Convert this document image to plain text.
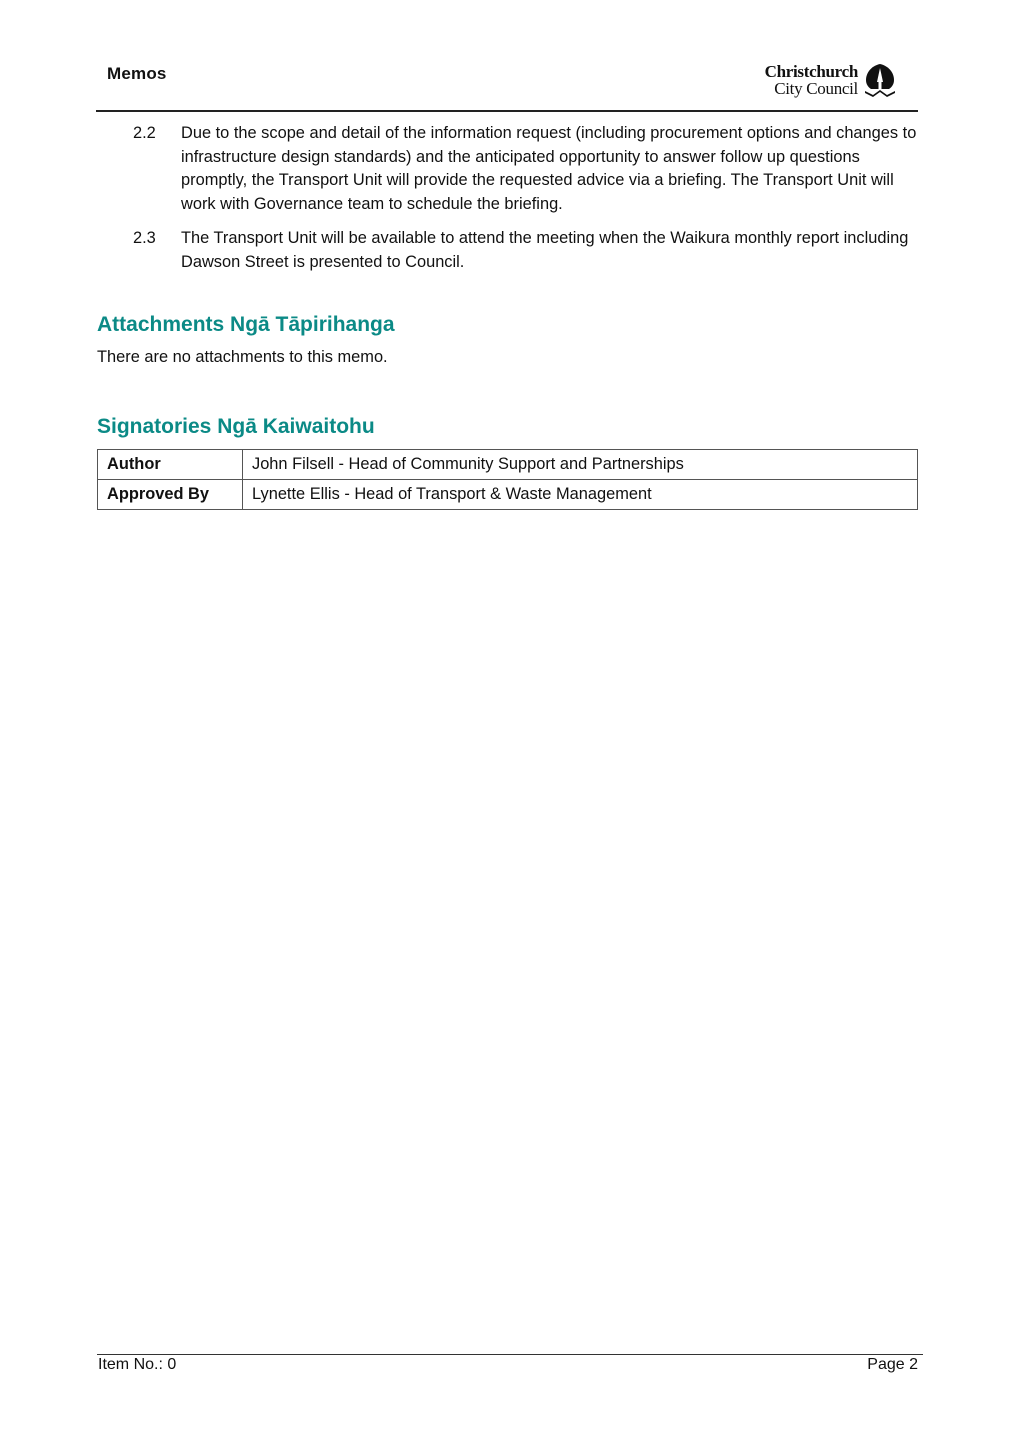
Memos	Christchurch
City Council
2.2 Due to the scope and detail of the information request (including procurement options and changes to infrastructure design standards) and the anticipated opportunity to answer follow up questions promptly, the Transport Unit will provide the requested advice via a briefing. The Transport Unit will work with Governance team to schedule the briefing.
2.3 The Transport Unit will be available to attend the meeting when the Waikura monthly report including Dawson Street is presented to Council.
Attachments Ngā Tāpirihanga
There are no attachments to this memo.
Signatories Ngā Kaiwaitohu
Author	John Filsell - Head of Community Support and Partnerships
Approved By	Lynette Ellis - Head of Transport & Waste Management
Item No.: 0	Page 2
